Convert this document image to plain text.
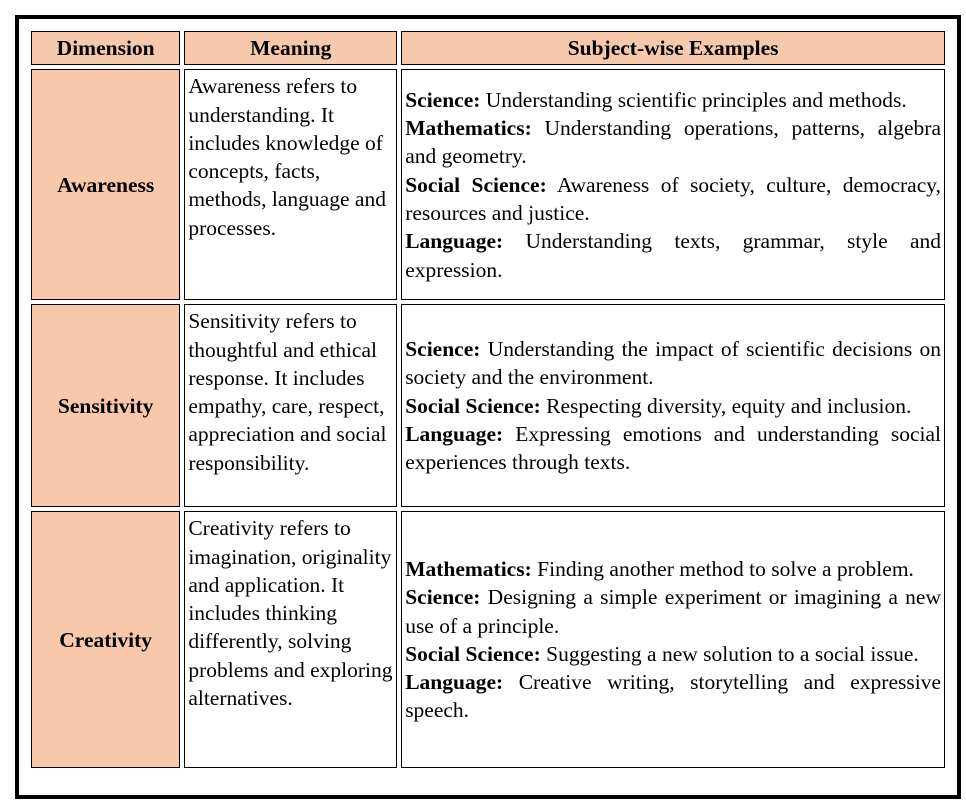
Dimension	Meaning	Subject-wise Examples
Awareness	Awareness refers to understanding. It includes knowledge of concepts, facts, methods, language and processes.	Science: Understanding scientific principles and methods.

Mathematics: Understanding operations, patterns, algebra and geometry.

Social Science: Awareness of society, culture, democracy, resources and justice.

Language: Understanding texts, grammar, style and expression.

Sensitivity	Sensitivity refers to thoughtful and ethical response. It includes empathy, care, respect, appreciation and social responsibility.	Science: Understanding the impact of scientific decisions on society and the environment.

Social Science: Respecting diversity, equity and inclusion.

Language: Expressing emotions and understanding social experiences through texts.

Creativity	Creativity refers to imagination, originality and application. It includes thinking differently, solving problems and exploring alternatives.	Mathematics: Finding another method to solve a problem.

Science: Designing a simple experiment or imagining a new use of a principle.

Social Science: Suggesting a new solution to a social issue.

Language: Creative writing, storytelling and expressive speech.
